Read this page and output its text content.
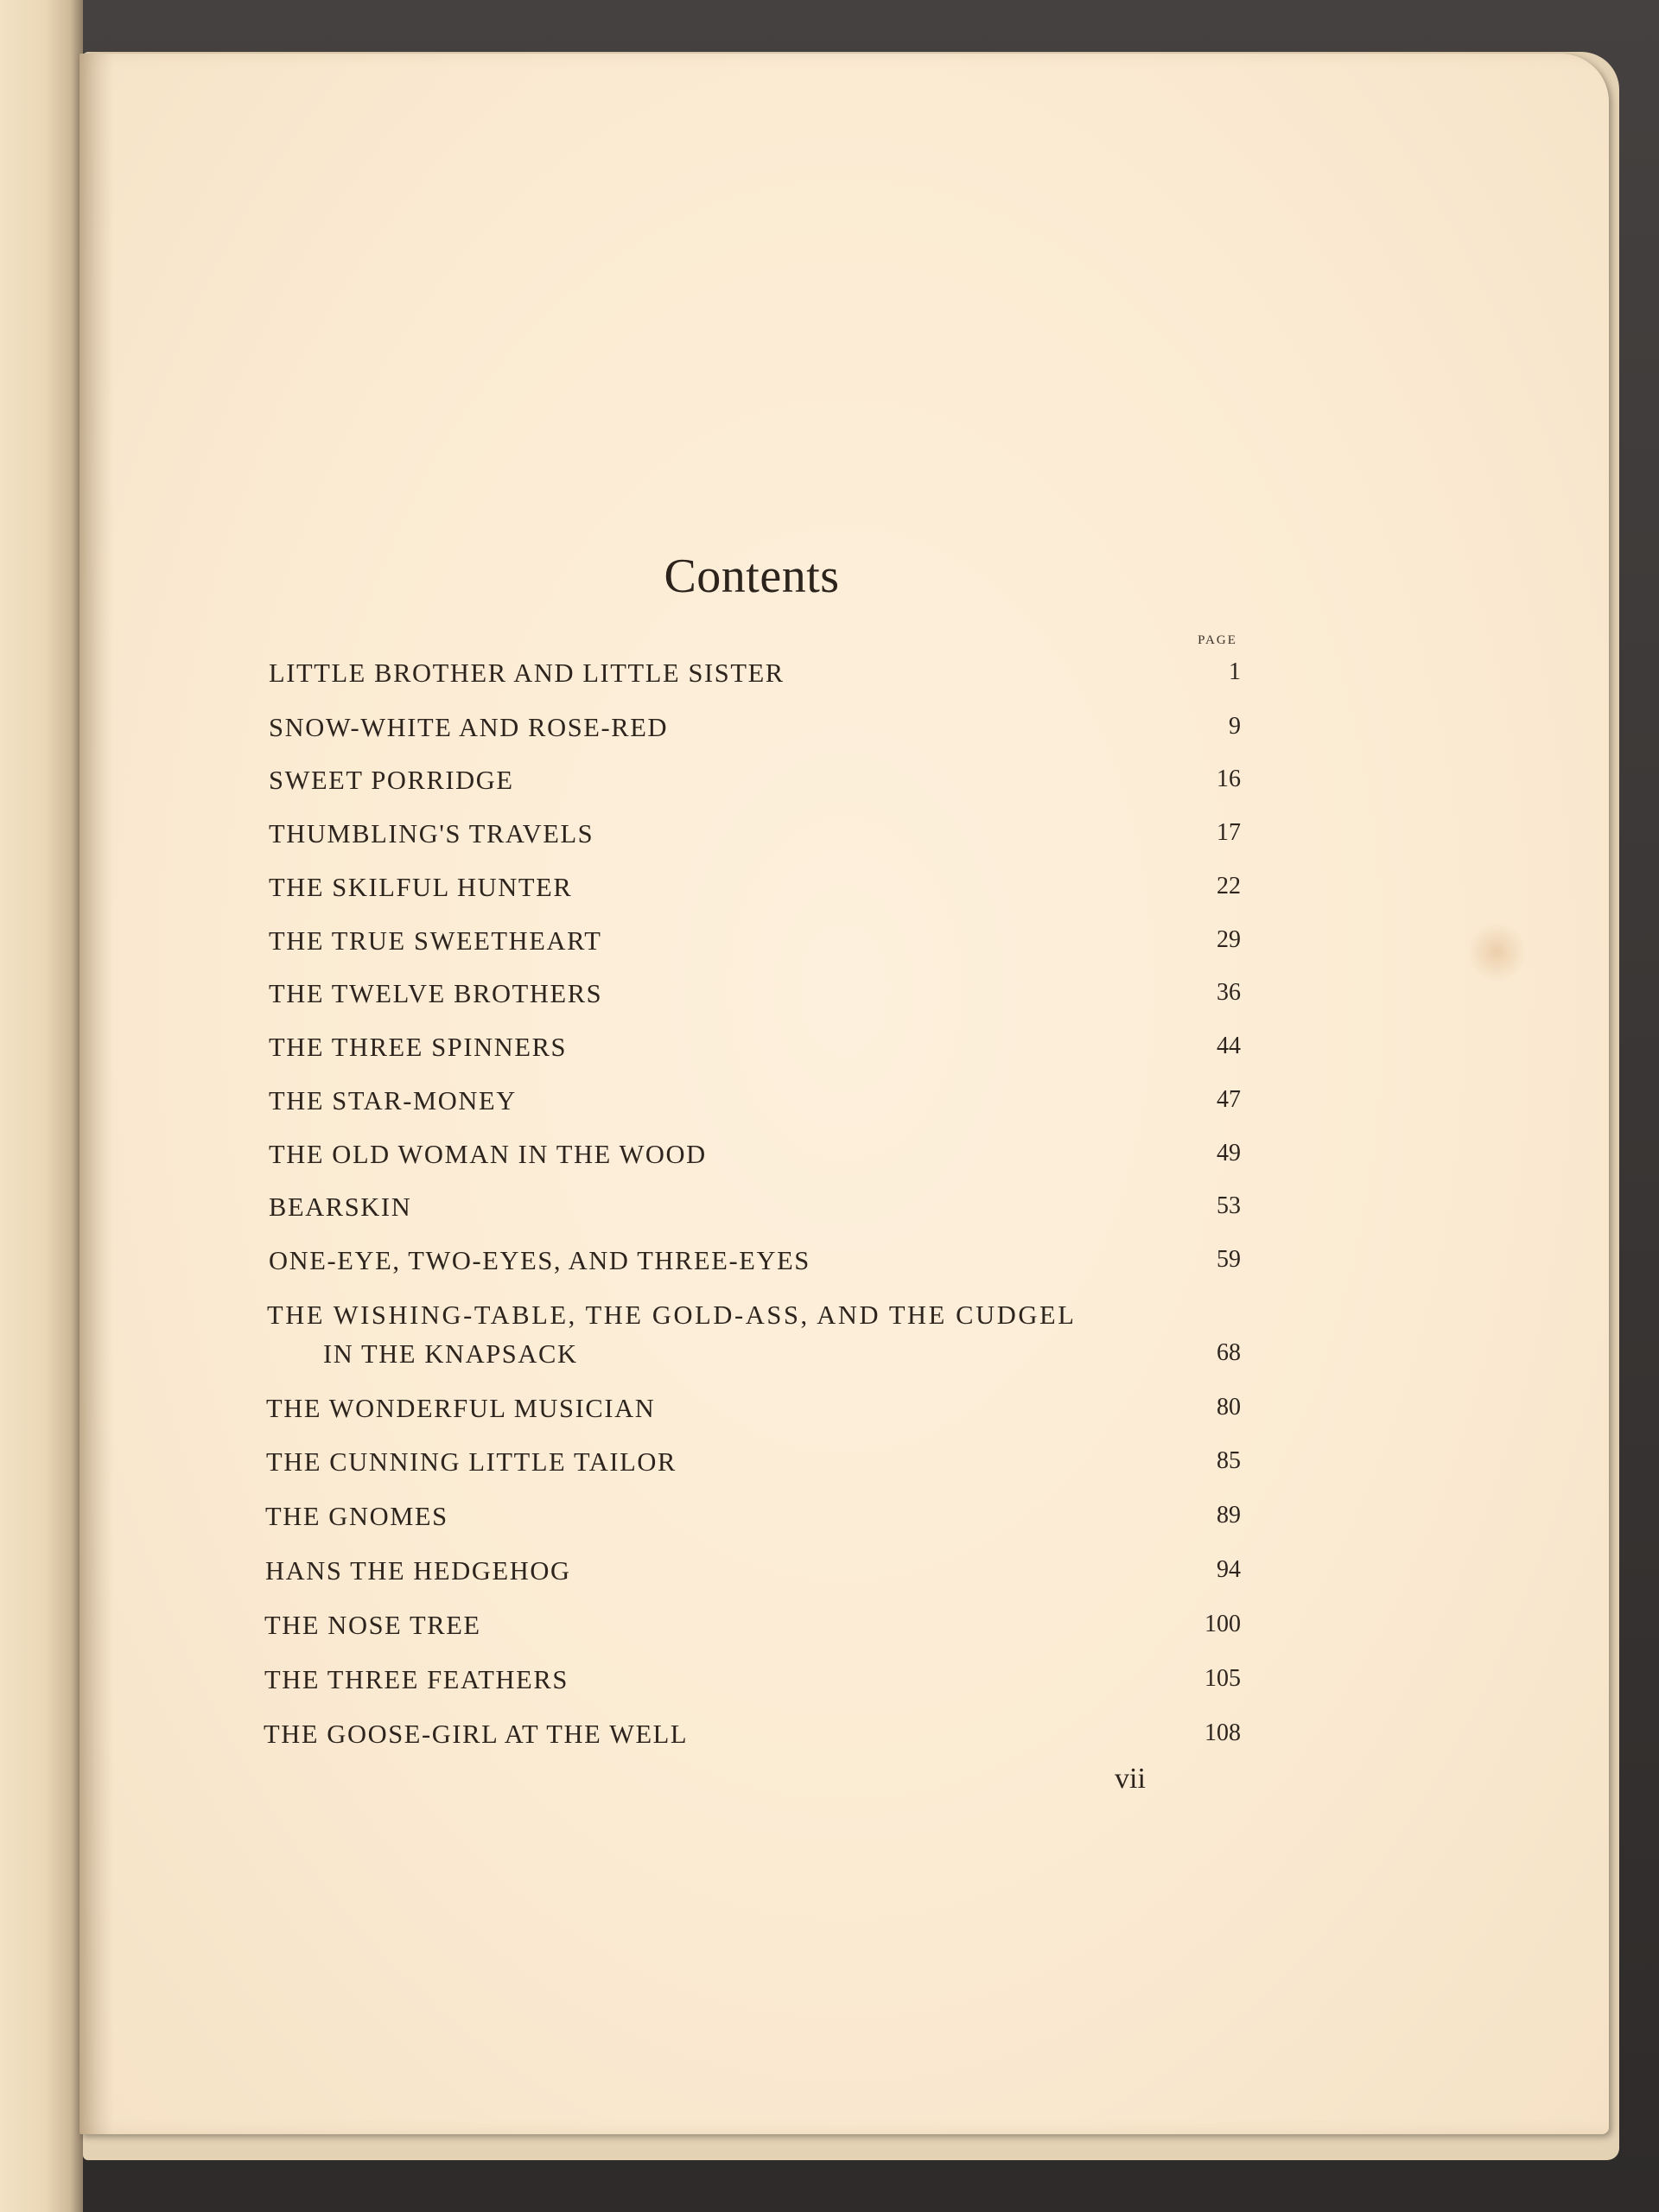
Contents
PAGE
LITTLE BROTHER AND LITTLE SISTER	1
SNOW-WHITE AND ROSE-RED	9
SWEET PORRIDGE	16
THUMBLING'S TRAVELS	17
THE SKILFUL HUNTER	22
THE TRUE SWEETHEART	29
THE TWELVE BROTHERS	36
THE THREE SPINNERS	44
THE STAR-MONEY	47
THE OLD WOMAN IN THE WOOD	49
BEARSKIN	53
ONE-EYE, TWO-EYES, AND THREE-EYES	59
THE WISHING-TABLE, THE GOLD-ASS, AND THE CUDGEL
IN THE KNAPSACK	68
THE WONDERFUL MUSICIAN	80
THE CUNNING LITTLE TAILOR	85
THE GNOMES	89
HANS THE HEDGEHOG	94
THE NOSE TREE	100
THE THREE FEATHERS	105
THE GOOSE-GIRL AT THE WELL	108
vii
